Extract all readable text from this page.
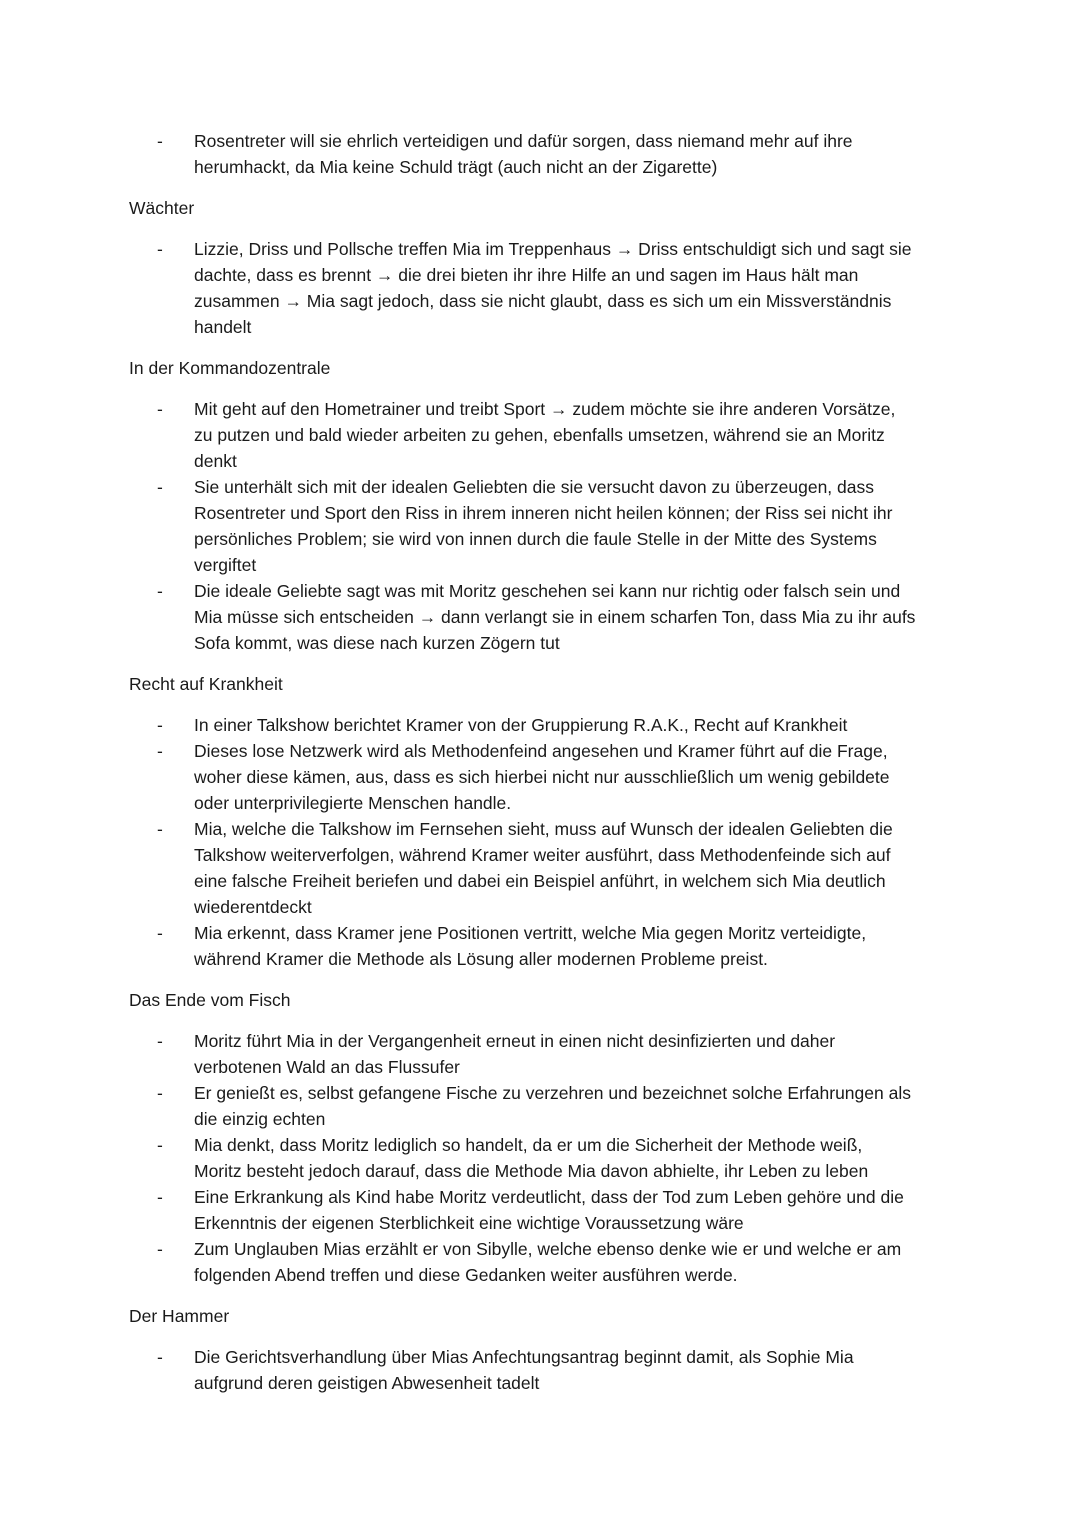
- Rosentreter will sie ehrlich verteidigen und dafür sorgen, dass niemand mehr auf ihre
herumhackt, da Mia keine Schuld trägt (auch nicht an der Zigarette)

Wächter

- Lizzie, Driss und Pollsche treffen Mia im Treppenhaus → Driss entschuldigt sich und sagt sie
dachte, dass es brennt → die drei bieten ihr ihre Hilfe an und sagen im Haus hält man
zusammen → Mia sagt jedoch, dass sie nicht glaubt, dass es sich um ein Missverständnis
handelt

In der Kommandozentrale

- Mit geht auf den Hometrainer und treibt Sport → zudem möchte sie ihre anderen Vorsätze,
zu putzen und bald wieder arbeiten zu gehen, ebenfalls umsetzen, während sie an Moritz
denkt
- Sie unterhält sich mit der idealen Geliebten die sie versucht davon zu überzeugen, dass
Rosentreter und Sport den Riss in ihrem inneren nicht heilen können; der Riss sei nicht ihr
persönliches Problem; sie wird von innen durch die faule Stelle in der Mitte des Systems
vergiftet
- Die ideale Geliebte sagt was mit Moritz geschehen sei kann nur richtig oder falsch sein und
Mia müsse sich entscheiden → dann verlangt sie in einem scharfen Ton, dass Mia zu ihr aufs
Sofa kommt, was diese nach kurzen Zögern tut

Recht auf Krankheit

- In einer Talkshow berichtet Kramer von der Gruppierung R.A.K., Recht auf Krankheit
- Dieses lose Netzwerk wird als Methodenfeind angesehen und Kramer führt auf die Frage,
woher diese kämen, aus, dass es sich hierbei nicht nur ausschließlich um wenig gebildete
oder unterprivilegierte Menschen handle.
- Mia, welche die Talkshow im Fernsehen sieht, muss auf Wunsch der idealen Geliebten die
Talkshow weiterverfolgen, während Kramer weiter ausführt, dass Methodenfeinde sich auf
eine falsche Freiheit beriefen und dabei ein Beispiel anführt, in welchem sich Mia deutlich
wiederentdeckt
- Mia erkennt, dass Kramer jene Positionen vertritt, welche Mia gegen Moritz verteidigte,
während Kramer die Methode als Lösung aller modernen Probleme preist.

Das Ende vom Fisch

- Moritz führt Mia in der Vergangenheit erneut in einen nicht desinfizierten und daher
verbotenen Wald an das Flussufer
- Er genießt es, selbst gefangene Fische zu verzehren und bezeichnet solche Erfahrungen als
die einzig echten
- Mia denkt, dass Moritz lediglich so handelt, da er um die Sicherheit der Methode weiß,
Moritz besteht jedoch darauf, dass die Methode Mia davon abhielte, ihr Leben zu leben
- Eine Erkrankung als Kind habe Moritz verdeutlicht, dass der Tod zum Leben gehöre und die
Erkenntnis der eigenen Sterblichkeit eine wichtige Voraussetzung wäre
- Zum Unglauben Mias erzählt er von Sibylle, welche ebenso denke wie er und welche er am
folgenden Abend treffen und diese Gedanken weiter ausführen werde.

Der Hammer

- Die Gerichtsverhandlung über Mias Anfechtungsantrag beginnt damit, als Sophie Mia
aufgrund deren geistigen Abwesenheit tadelt
